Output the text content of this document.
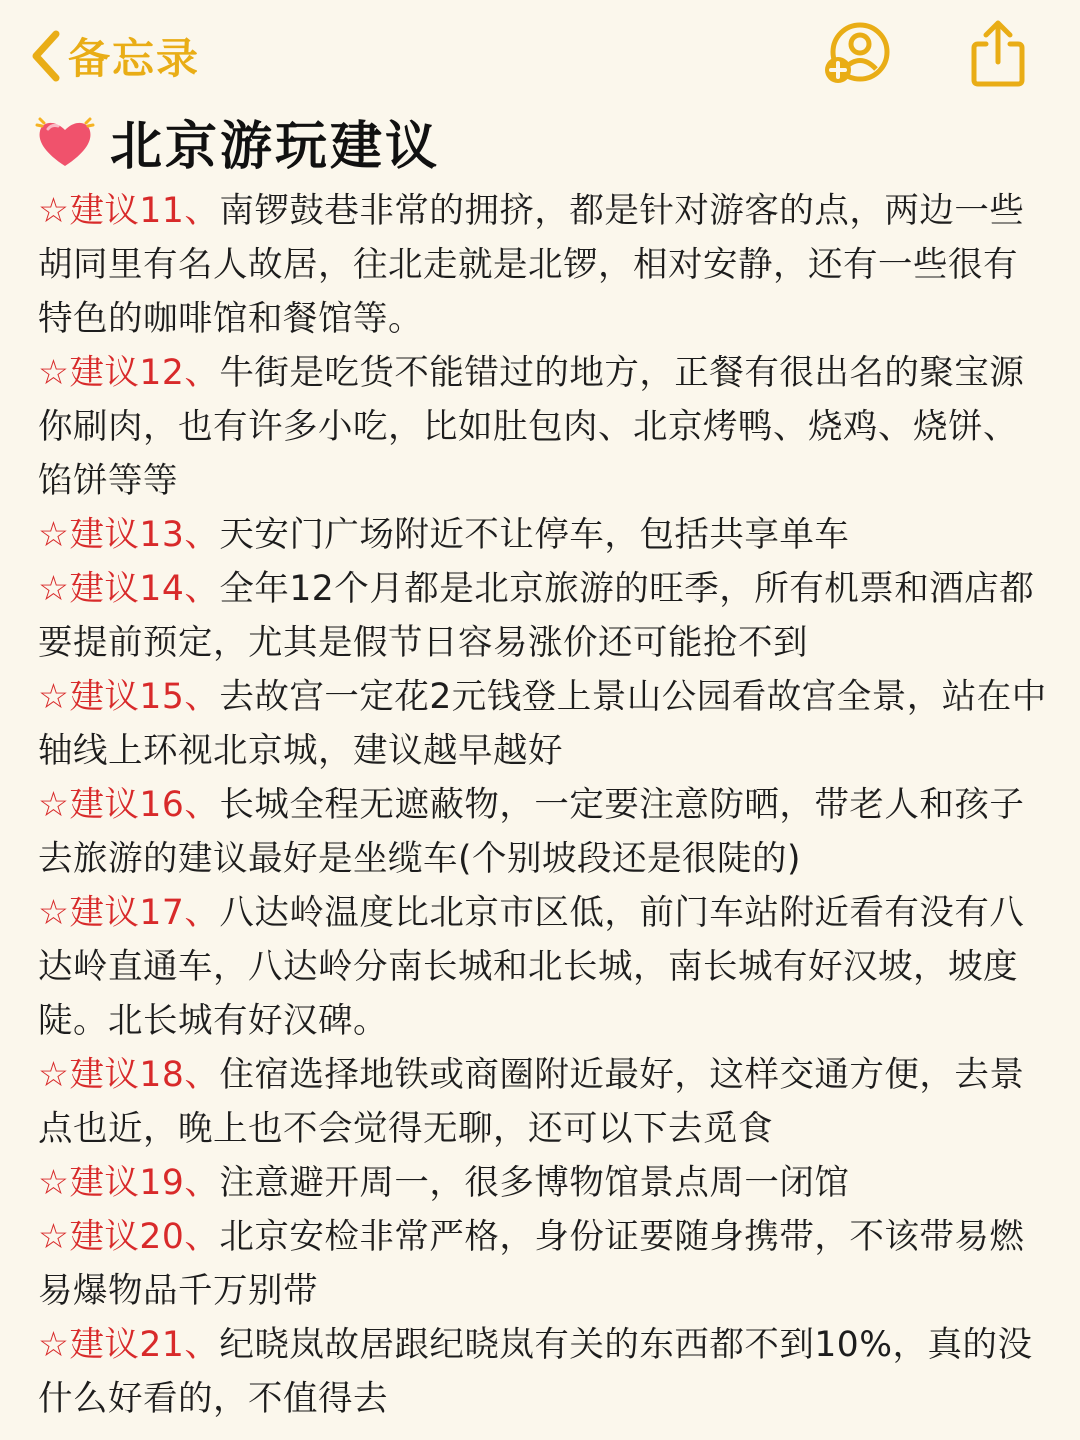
备忘录
北京游玩建议

☆建议11、南锣鼓巷非常的拥挤，都是针对游客的点，两边一些胡同里有名人故居，往北走就是北锣，相对安静，还有一些很有特色的咖啡馆和餐馆等。

☆建议12、牛街是吃货不能错过的地方，正餐有很出名的聚宝源你刷肉，也有许多小吃，比如肚包肉、北京烤鸭、烧鸡、烧饼、馅饼等等

☆建议13、天安门广场附近不让停车，包括共享单车

☆建议14、全年12个月都是北京旅游的旺季，所有机票和酒店都要提前预定，尤其是假节日容易涨价还可能抢不到

☆建议15、去故宫一定花2元钱登上景山公园看故宫全景，站在中轴线上环视北京城，建议越早越好

☆建议16、长城全程无遮蔽物，一定要注意防晒，带老人和孩子去旅游的建议最好是坐缆车(个别坡段还是很陡的)

☆建议17、八达岭温度比北京市区低，前门车站附近看有没有八达岭直通车，八达岭分南长城和北长城，南长城有好汉坡，坡度陡。北长城有好汉碑。

☆建议18、住宿选择地铁或商圈附近最好，这样交通方便，去景点也近，晚上也不会觉得无聊，还可以下去觅食

☆建议19、注意避开周一，很多博物馆景点周一闭馆

☆建议20、北京安检非常严格，身份证要随身携带，不该带易燃易爆物品千万别带

☆建议21、纪晓岚故居跟纪晓岚有关的东西都不到10%，真的没什么好看的，不值得去
